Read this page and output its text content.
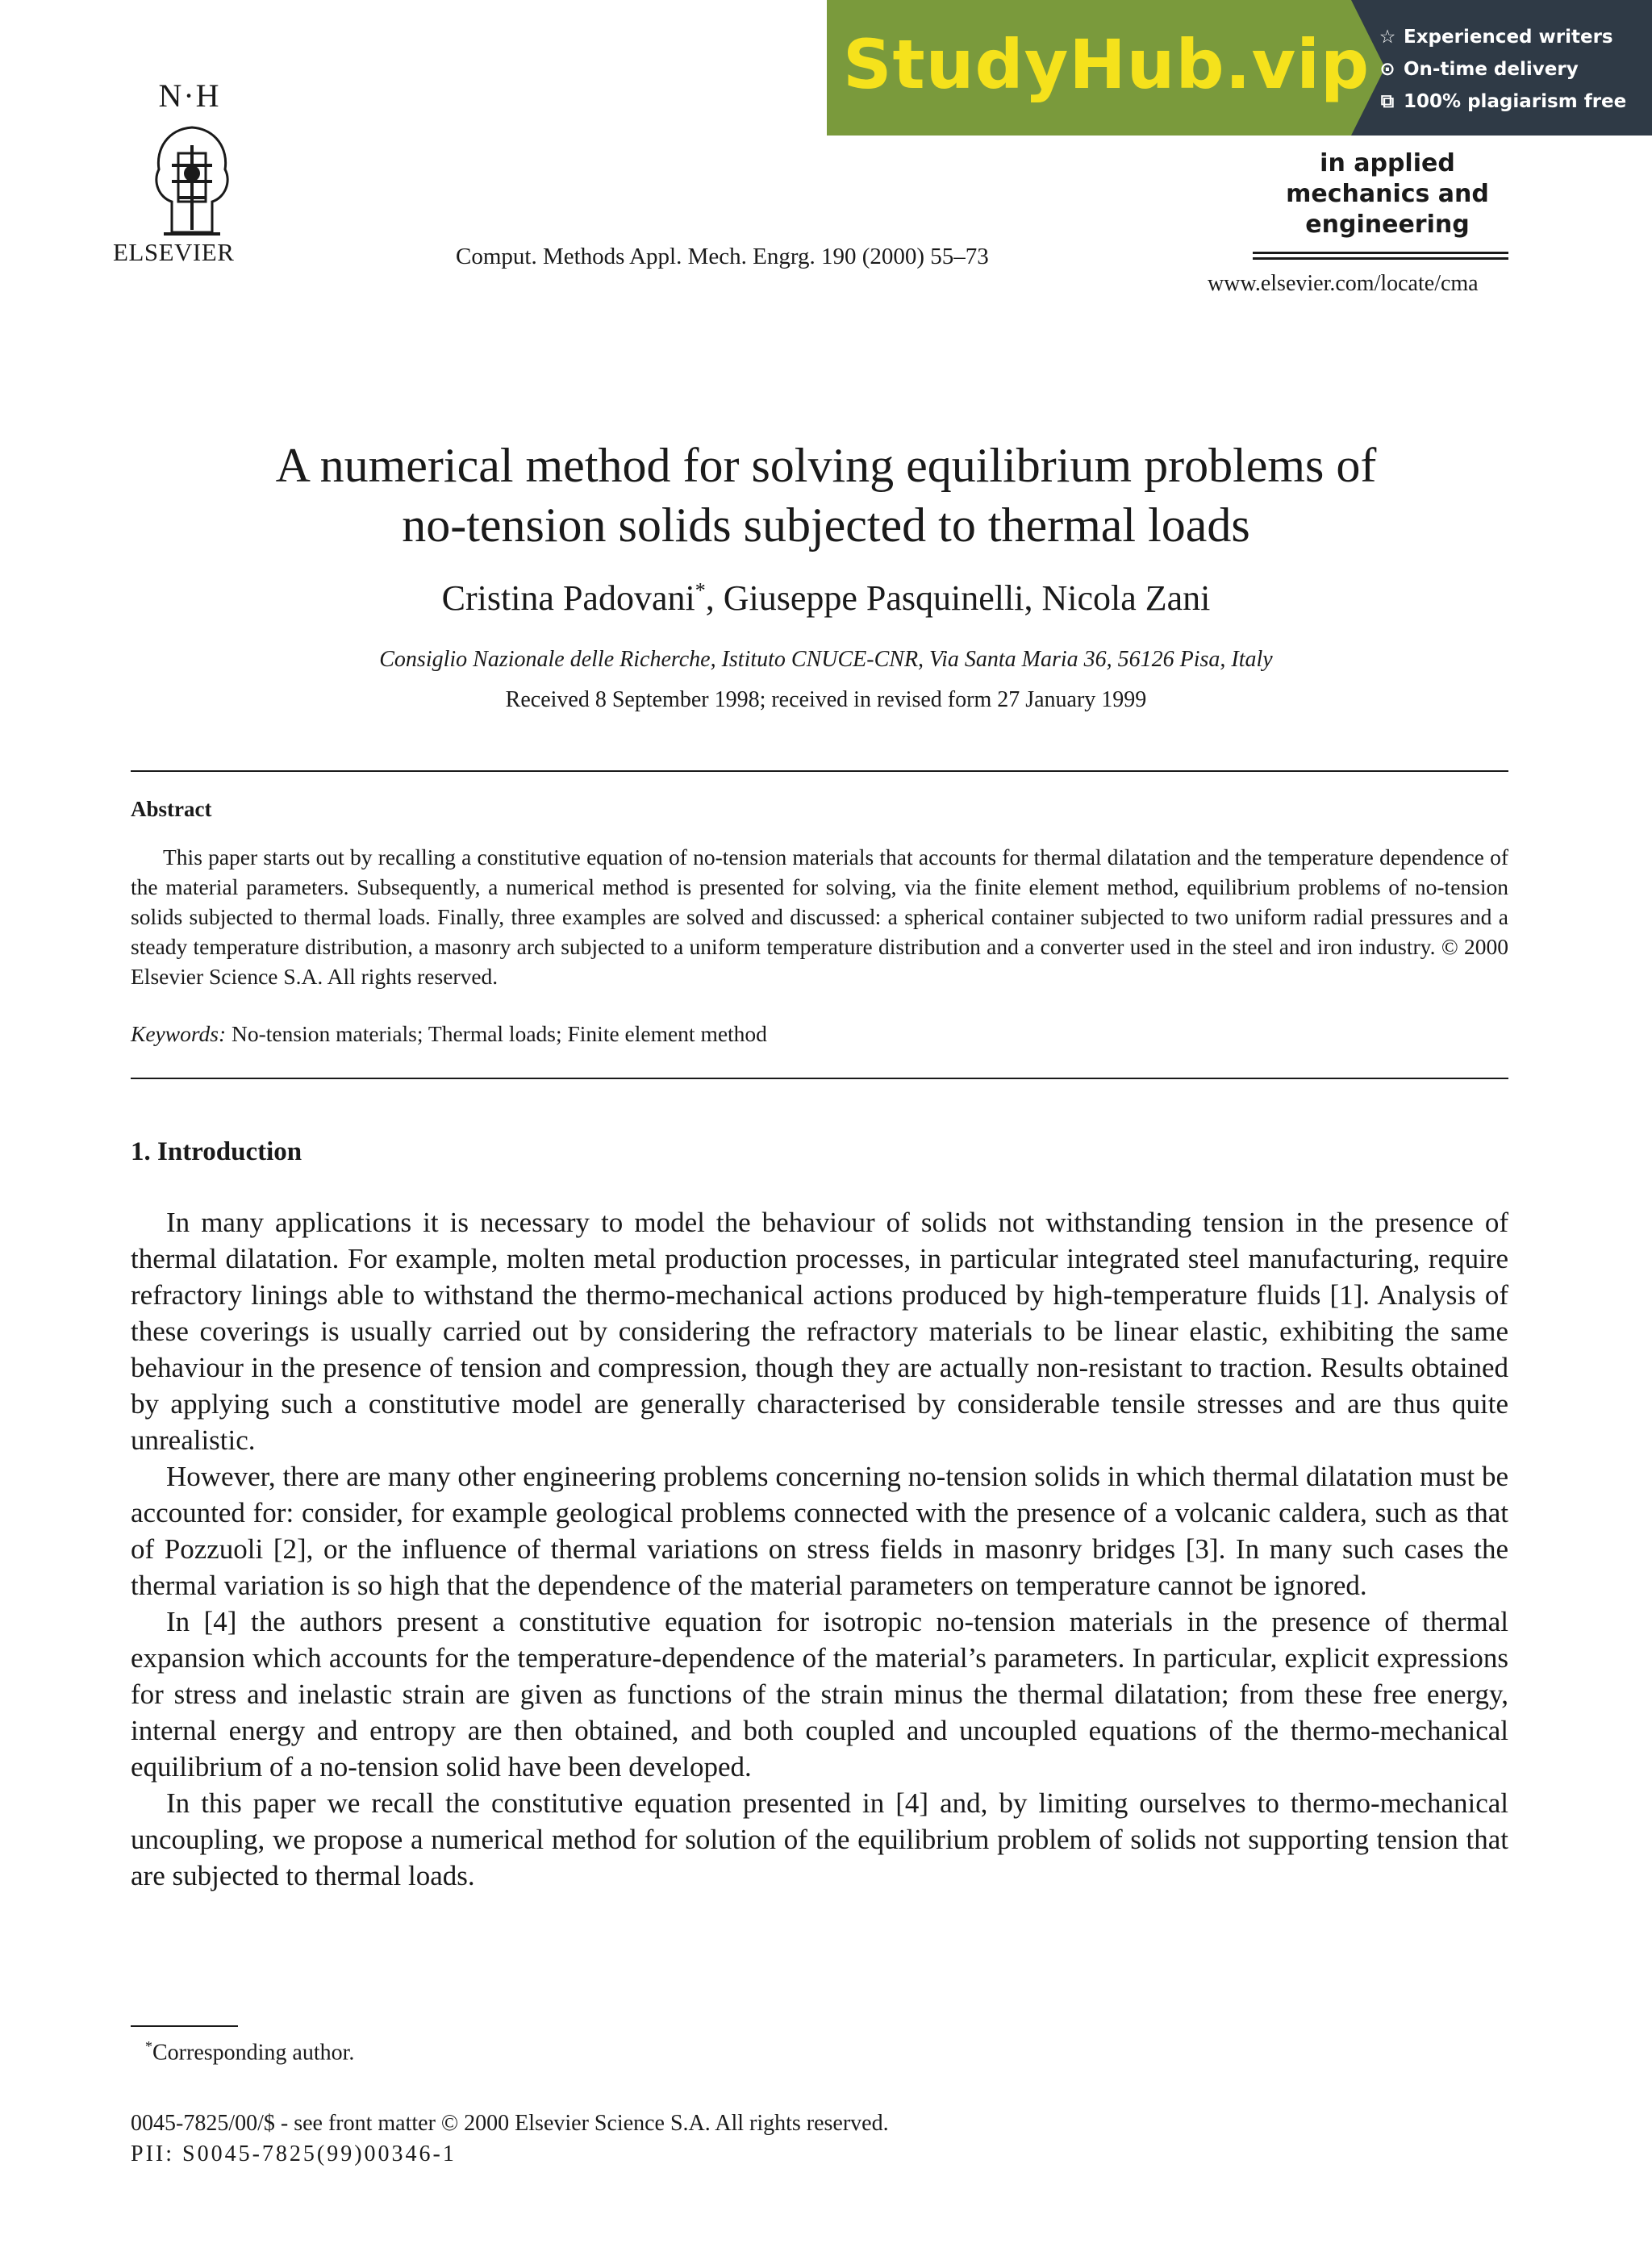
N·H
ELSEVIER	Comput. Methods Appl. Mech. Engrg. 190 (2000) 55–73
StudyHub.vip ☆ Experienced writers
⊙ On-time delivery
⧉ 100% plagiarism free
in applied
mechanics and
engineering
www.elsevier.com/locate/cma
A numerical method for solving equilibrium problems of
no-tension solids subjected to thermal loads
Cristina Padovani*, Giuseppe Pasquinelli, Nicola Zani
Consiglio Nazionale delle Richerche, Istituto CNUCE-CNR, Via Santa Maria 36, 56126 Pisa, Italy
Received 8 September 1998; received in revised form 27 January 1999
Abstract

This paper starts out by recalling a constitutive equation of no-tension materials that accounts for thermal dilatation and the temperature dependence of the material parameters. Subsequently, a numerical method is presented for solving, via the finite element method, equilibrium problems of no-tension solids subjected to thermal loads. Finally, three examples are solved and discussed: a spherical container subjected to two uniform radial pressures and a steady temperature distribution, a masonry arch subjected to a uniform temperature distribution and a converter used in the steel and iron industry. © 2000 Elsevier Science S.A. All rights reserved.

Keywords: No-tension materials; Thermal loads; Finite element method
1. Introduction

In many applications it is necessary to model the behaviour of solids not withstanding tension in the presence of thermal dilatation. For example, molten metal production processes, in particular integrated steel manufacturing, require refractory linings able to withstand the thermo-mechanical actions produced by high-temperature fluids [1]. Analysis of these coverings is usually carried out by considering the refractory materials to be linear elastic, exhibiting the same behaviour in the presence of tension and compression, though they are actually non-resistant to traction. Results obtained by applying such a constitutive model are generally characterised by considerable tensile stresses and are thus quite unrealistic.

However, there are many other engineering problems concerning no-tension solids in which thermal dilatation must be accounted for: consider, for example geological problems connected with the presence of a volcanic caldera, such as that of Pozzuoli [2], or the influence of thermal variations on stress fields in masonry bridges [3]. In many such cases the thermal variation is so high that the dependence of the material parameters on temperature cannot be ignored.

In [4] the authors present a constitutive equation for isotropic no-tension materials in the presence of thermal expansion which accounts for the temperature-dependence of the material’s parameters. In particular, explicit expressions for stress and inelastic strain are given as functions of the strain minus the thermal dilatation; from these free energy, internal energy and entropy are then obtained, and both coupled and uncoupled equations of the thermo-mechanical equilibrium of a no-tension solid have been developed.

In this paper we recall the constitutive equation presented in [4] and, by limiting ourselves to thermo-mechanical uncoupling, we propose a numerical method for solution of the equilibrium problem of solids not supporting tension that are subjected to thermal loads.

*Corresponding author.
0045-7825/00/$ - see front matter © 2000 Elsevier Science S.A. All rights reserved.
PII: S0045-7825(99)00346-1
